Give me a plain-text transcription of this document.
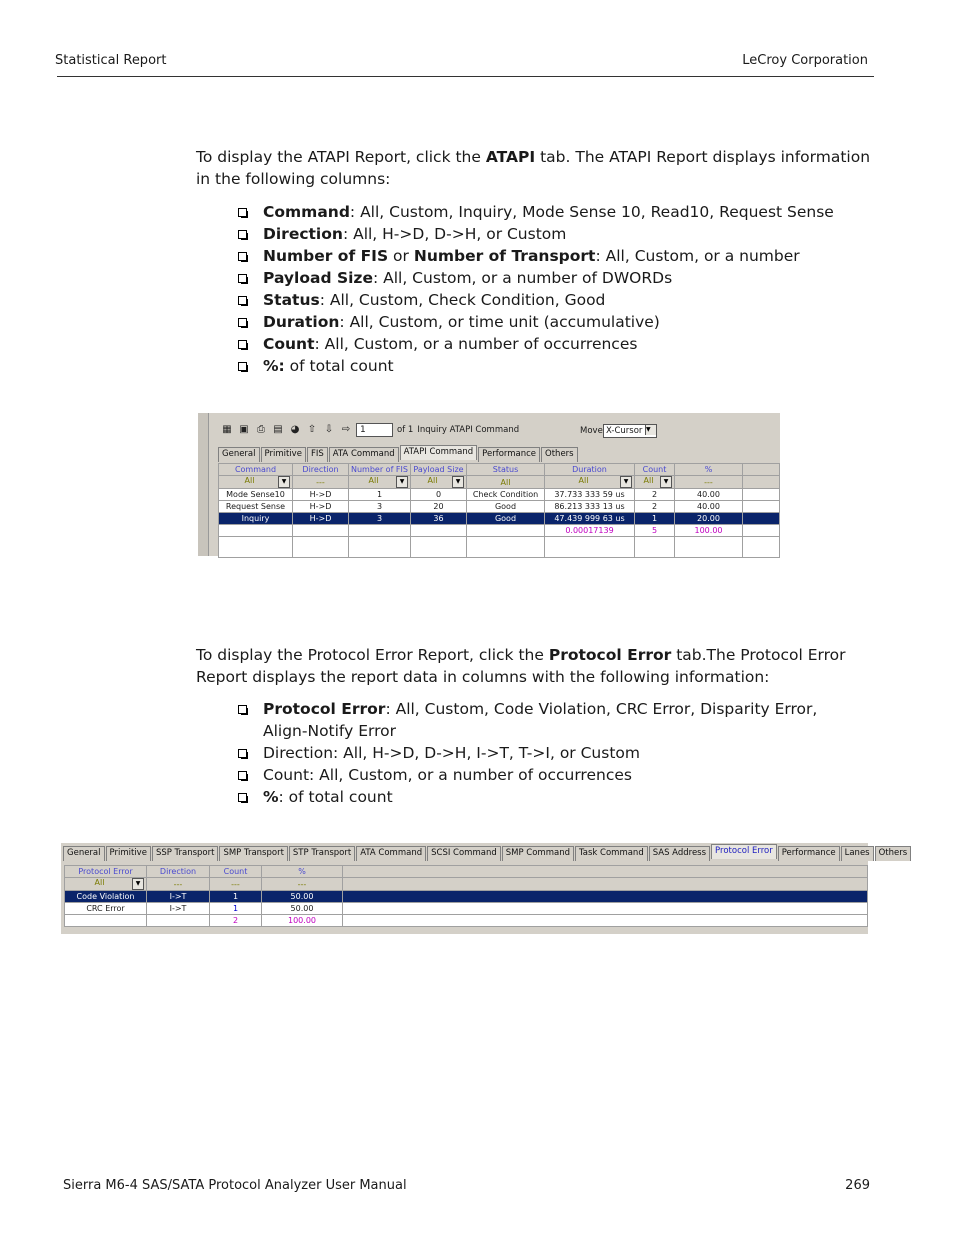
Statistical Report	LeCroy Corporation
To display the ATAPI Report, click the ATAPI tab. The ATAPI Report displays information in the following columns:
Command: All, Custom, Inquiry, Mode Sense 10, Read10, Request Sense
Direction: All, H->D, D->H, or Custom
Number of FIS or Number of Transport: All, Custom, or a number
Payload Size: All, Custom, or a number of DWORDs
Status: All, Custom, Check Condition, Good
Duration: All, Custom, or time unit (accumulative)
Count: All, Custom, or a number of occurrences
%: of total count
▦ ▣ ⎙ ▤ ◕ ⇧ ⇩ ⇨	1	of 1 Inquiry ATAPI Command	Move X-Cursor ▼
General	Primitive	FIS	ATA Command	ATAPI Command	Performance	Others
Command	Direction	Number of FIS	Payload Size	Status	Duration	Count	%	
All ▼	---	All ▼	All ▼	All	All ▼	All ▼	---	
Mode Sense10	H->D	1	0	Check Condition	37.733 333 59 us	2	40.00	
Request Sense	H->D	3	20	Good	86.213 333 13 us	2	40.00	
Inquiry	H->D	3	36	Good	47.439 999 63 us	1	20.00	
					0.00017139	5	100.00	

To display the Protocol Error Report, click the Protocol Error tab.The Protocol Error Report displays the report data in columns with the following information:
Protocol Error: All, Custom, Code Violation, CRC Error, Disparity Error, Align-Notify Error
Direction: All, H->D, D->H, I->T, T->I, or Custom
Count: All, Custom, or a number of occurrences
%: of total count
General	Primitive	SSP Transport	SMP Transport	STP Transport	ATA Command	SCSI Command	SMP Command	Task Command	SAS Address	Protocol Error	Performance	Lanes	Others
Protocol Error	Direction	Count	%	
All ▼	---	---	---	
Code Violation	I->T	1	50.00	
CRC Error	I->T	1	50.00	
		2	100.00	
Sierra M6-4 SAS/SATA Protocol Analyzer User Manual	269
